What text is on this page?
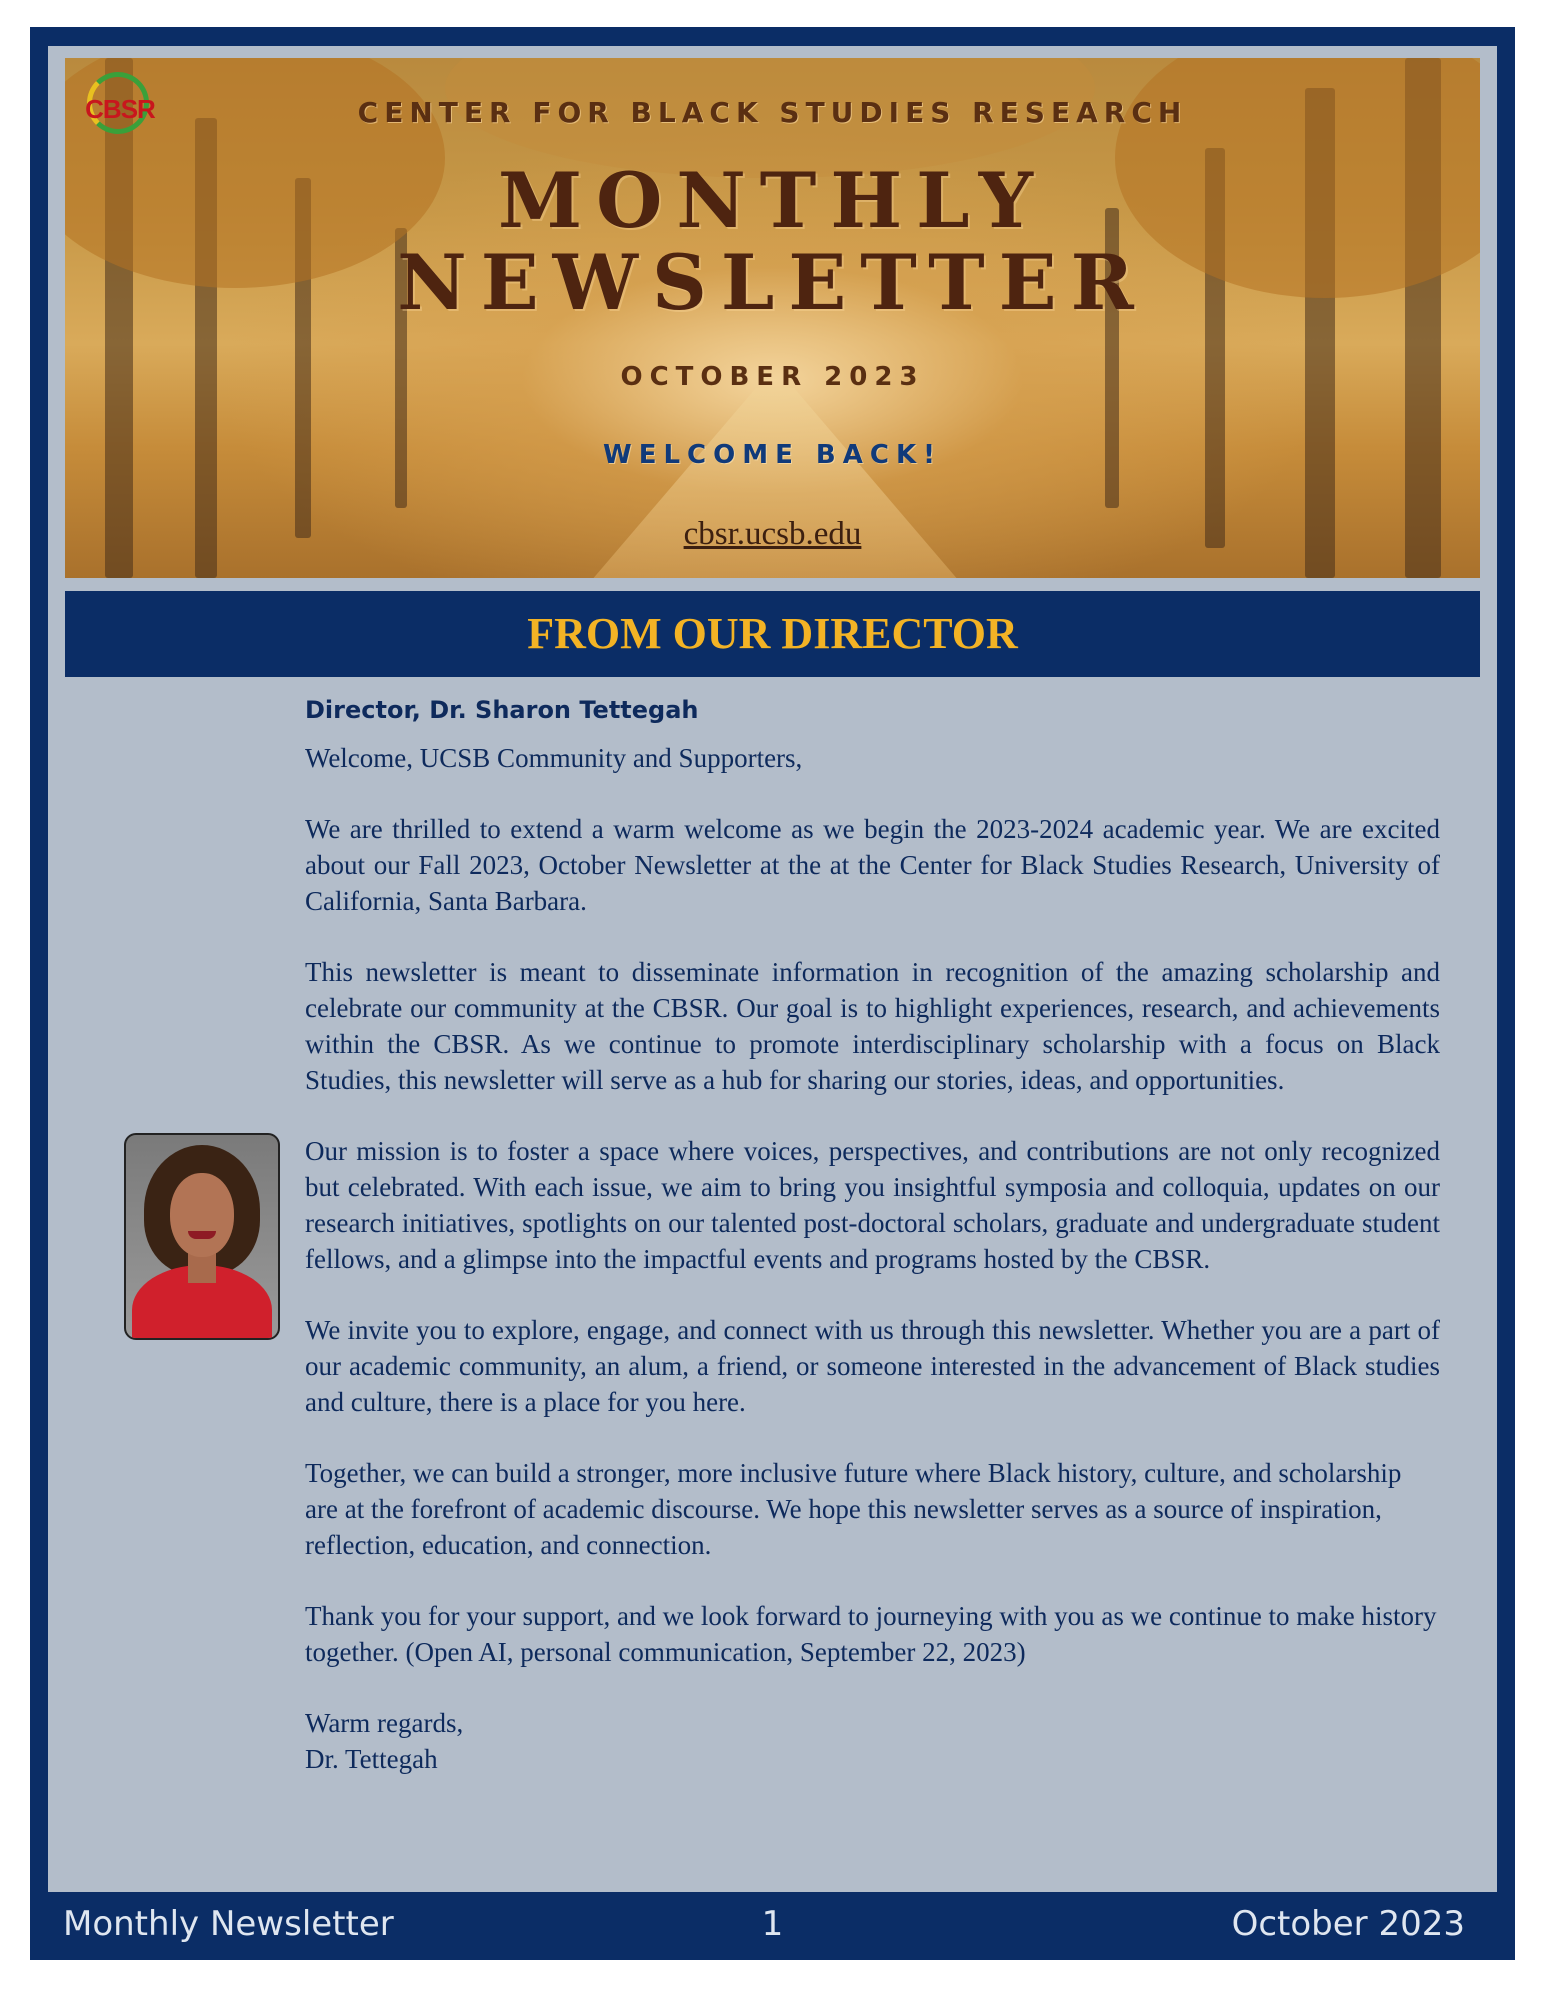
CBSR	CENTER FOR BLACK STUDIES RESEARCH
MONTHLY
NEWSLETTER
OCTOBER 2023
WELCOME BACK!
cbsr.ucsb.edu
FROM OUR DIRECTOR
Director, Dr. Sharon Tettegah

Welcome, UCSB Community and Supporters,

We are thrilled to extend a warm welcome as we begin the 2023-2024 academic year. We are excited about our Fall 2023, October Newsletter at the at the Center for Black Studies Research, University of California, Santa Barbara.

This newsletter is meant to disseminate information in recognition of the amazing scholarship and celebrate our community at the CBSR. Our goal is to highlight experiences, research, and achievements within the CBSR. As we continue to promote interdisciplinary scholarship with a focus on Black Studies, this newsletter will serve as a hub for sharing our stories, ideas, and opportunities.

Our mission is to foster a space where voices, perspectives, and contributions are not only recognized but celebrated. With each issue, we aim to bring you insightful symposia and colloquia, updates on our research initiatives, spotlights on our talented post-doctoral scholars, graduate and undergraduate student fellows, and a glimpse into the impactful events and programs hosted by the CBSR.

We invite you to explore, engage, and connect with us through this newsletter. Whether you are a part of our academic community, an alum, a friend, or someone interested in the advancement of Black studies and culture, there is a place for you here.

Together, we can build a stronger, more inclusive future where Black history, culture, and scholarship are at the forefront of academic discourse. We hope this newsletter serves as a source of inspiration, reflection, education, and connection.

Thank you for your support, and we look forward to journeying with you as we continue to make history together. (Open AI, personal communication, September 22, 2023)

Warm regards,

Dr. Tettegah

1
Monthly Newsletter	October 2023
